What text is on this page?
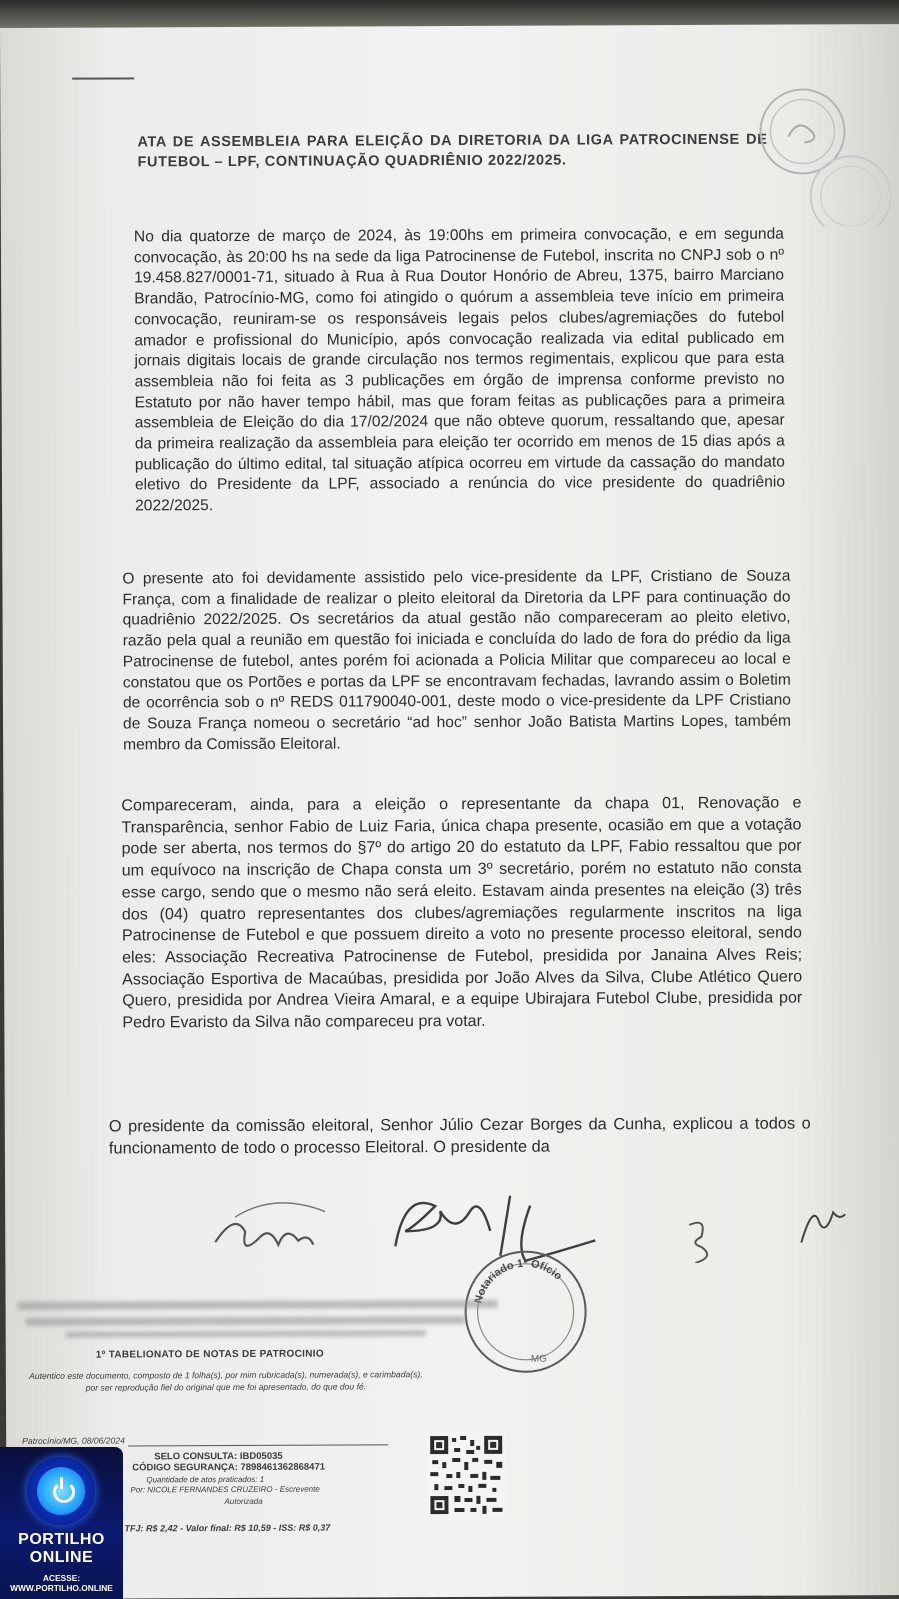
ATA DE ASSEMBLEIA PARA ELEIÇÃO DA DIRETORIA DA LIGA PATROCINENSE DE FUTEBOL – LPF, CONTINUAÇÃO QUADRIÊNIO 2022/2025.
No dia quatorze de março de 2024, às 19:00hs em primeira convocação, e em segunda convocação, às 20:00 hs na sede da liga Patrocinense de Futebol, inscrita no CNPJ sob o nº 19.458.827/0001-71, situado à Rua à Rua Doutor Honório de Abreu, 1375, bairro Marciano Brandão, Patrocínio-MG, como foi atingido o quórum a assembleia teve início em primeira convocação, reuniram-se os responsáveis legais pelos clubes/agremiações do futebol amador e profissional do Município, após convocação realizada via edital publicado em jornais digitais locais de grande circulação nos termos regimentais, explicou que para esta assembleia não foi feita as 3 publicações em órgão de imprensa conforme previsto no Estatuto por não haver tempo hábil, mas que foram feitas as publicações para a primeira assembleia de Eleição do dia 17/02/2024 que não obteve quorum, ressaltando que, apesar da primeira realização da assembleia para eleição ter ocorrido em menos de 15 dias após a publicação do último edital, tal situação atípica ocorreu em virtude da cassação do mandato eletivo do Presidente da LPF, associado a renúncia do vice presidente do quadriênio 2022/2025.
O presente ato foi devidamente assistido pelo vice-presidente da LPF, Cristiano de Souza França, com a finalidade de realizar o pleito eleitoral da Diretoria da LPF para continuação do quadriênio 2022/2025. Os secretários da atual gestão não compareceram ao pleito eletivo, razão pela qual a reunião em questão foi iniciada e concluída do lado de fora do prédio da liga Patrocinense de futebol, antes porém foi acionada a Policia Militar que compareceu ao local e constatou que os Portões e portas da LPF se encontravam fechadas, lavrando assim o Boletim de ocorrência sob o nº REDS 011790040-001, deste modo o vice-presidente da LPF Cristiano de Souza França nomeou o secretário “ad hoc” senhor João Batista Martins Lopes, também membro da Comissão Eleitoral.
Compareceram, ainda, para a eleição o representante da chapa 01, Renovação e Transparência, senhor Fabio de Luiz Faria, única chapa presente, ocasião em que a votação pode ser aberta, nos termos do §7º do artigo 20 do estatuto da LPF, Fabio ressaltou que por um equívoco na inscrição de Chapa consta um 3º secretário, porém no estatuto não consta esse cargo, sendo que o mesmo não será eleito. Estavam ainda presentes na eleição (3) três dos (04) quatro representantes dos clubes/agremiações regularmente inscritos na liga Patrocinense de Futebol e que possuem direito a voto no presente processo eleitoral, sendo eles: Associação Recreativa Patrocinense de Futebol, presidida por Janaina Alves Reis; Associação Esportiva de Macaúbas, presidida por João Alves da Silva, Clube Atlético Quero Quero, presidida por Andrea Vieira Amaral, e a equipe Ubirajara Futebol Clube, presidida por Pedro Evaristo da Silva não compareceu pra votar.
O presidente da comissão eleitoral, Senhor Júlio Cezar Borges da Cunha, explicou a todos o funcionamento de todo o processo Eleitoral. O presidente da
Notariado 1º Ofício
MG
1º TABELIONATO DE NOTAS DE PATROCINIO
Autentico este documento, composto de 1 folha(s), por mim rubricada(s), numerada(s), e carimbada(s), por ser reprodução fiel do original que me foi apresentado, do que dou fé.
Patrocínio/MG, 08/06/2024
SELO CONSULTA: IBD05035
CÓDIGO SEGURANÇA: 7898461362868471
Quantidade de atos praticados: 1
Por: NICOLE FERNANDES CRUZEIRO - Escrevente
Autorizada
TFJ: R$ 2,42 - Valor final: R$ 10,59 - ISS: R$ 0,37
PORTILHO
ONLINE
ACESSE: WWW.PORTILHO.ONLINE
